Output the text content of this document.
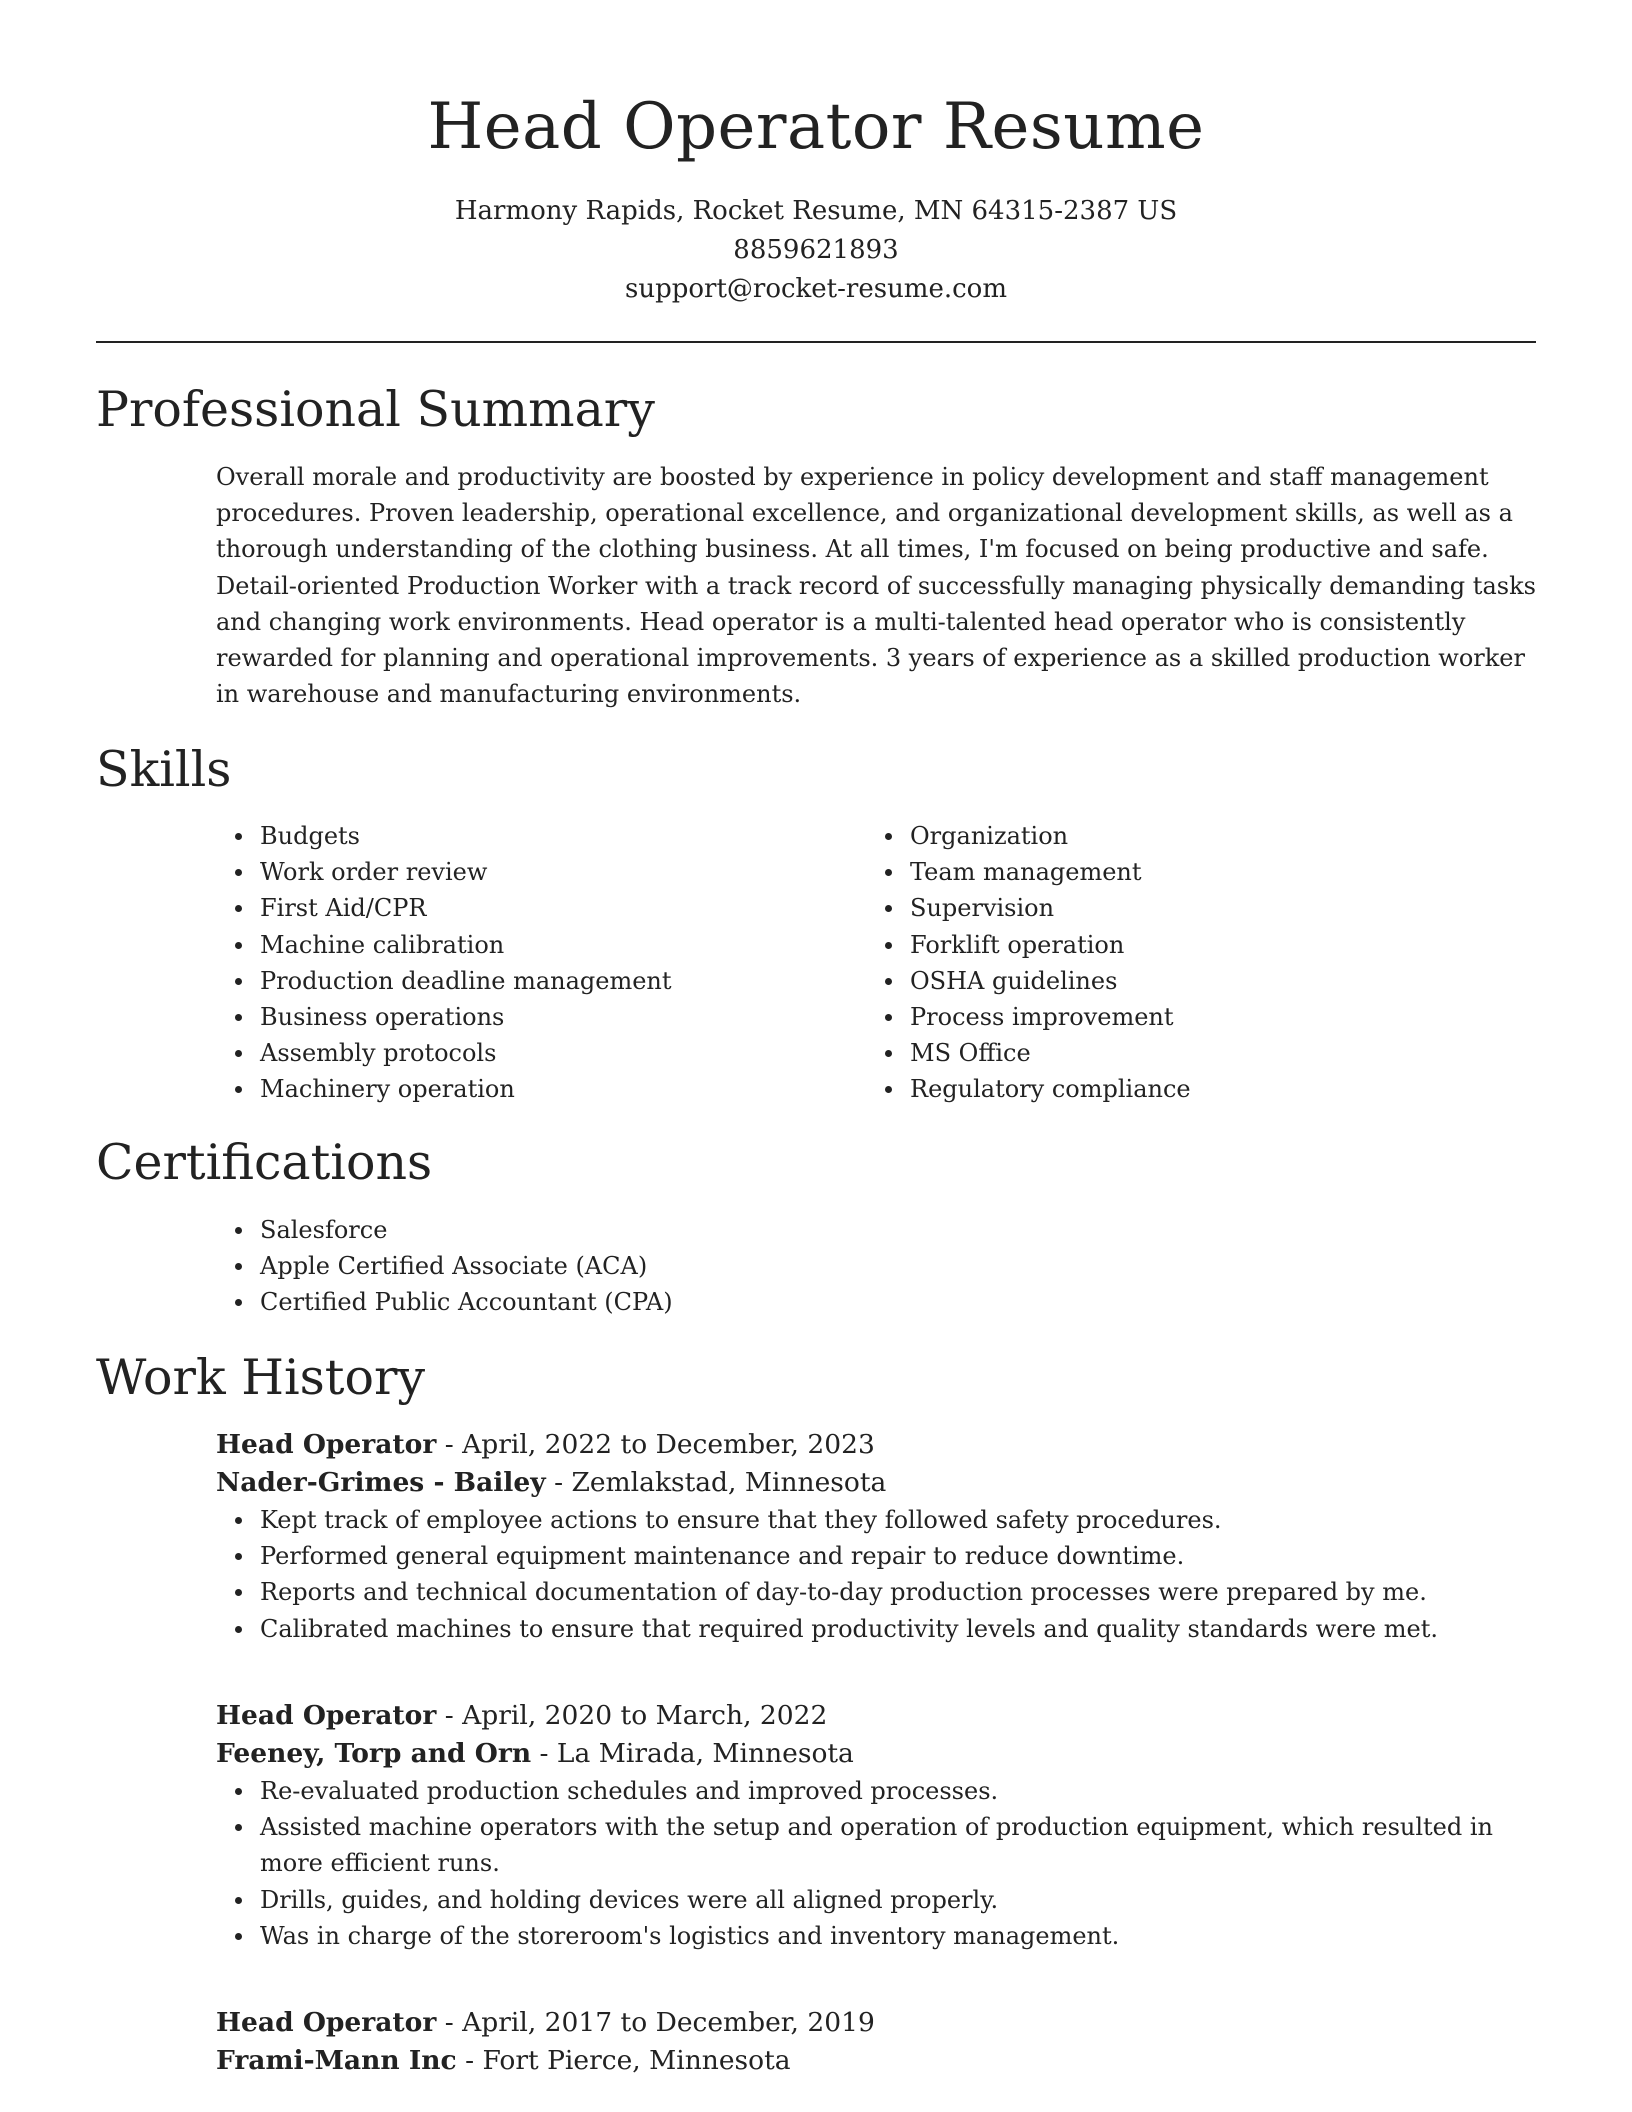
Head Operator Resume
Harmony Rapids, Rocket Resume, MN 64315-2387 US
8859621893
support@rocket-resume.com
Professional Summary

Overall morale and productivity are boosted by experience in policy development and staff management procedures. Proven leadership, operational excellence, and organizational development skills, as well as a thorough understanding of the clothing business. At all times, I'm focused on being productive and safe. Detail-oriented Production Worker with a track record of successfully managing physically demanding tasks and changing work environments. Head operator is a multi-talented head operator who is consistently rewarded for planning and operational improvements. 3 years of experience as a skilled production worker in warehouse and manufacturing environments.

Skills
Budgets
Work order review
First Aid/CPR
Machine calibration
Production deadline management
Business operations
Assembly protocols
Machinery operation
Organization
Team management
Supervision
Forklift operation
OSHA guidelines
Process improvement
MS Office
Regulatory compliance
Certifications
Salesforce
Apple Certified Associate (ACA)
Certified Public Accountant (CPA)
Work History
Head Operator - April, 2022 to December, 2023
Nader-Grimes - Bailey - Zemlakstad, Minnesota
Kept track of employee actions to ensure that they followed safety procedures.
Performed general equipment maintenance and repair to reduce downtime.
Reports and technical documentation of day-to-day production processes were prepared by me.
Calibrated machines to ensure that required productivity levels and quality standards were met.
Head Operator - April, 2020 to March, 2022
Feeney, Torp and Orn - La Mirada, Minnesota
Re-evaluated production schedules and improved processes.
Assisted machine operators with the setup and operation of production equipment, which resulted in more efficient runs.
Drills, guides, and holding devices were all aligned properly.
Was in charge of the storeroom's logistics and inventory management.
Head Operator - April, 2017 to December, 2019
Frami-Mann Inc - Fort Pierce, Minnesota
